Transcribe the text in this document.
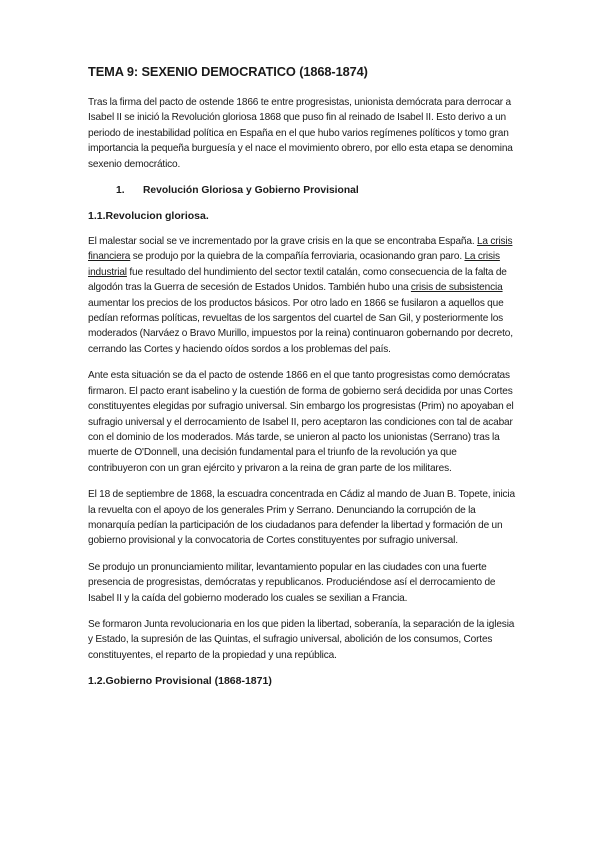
TEMA 9: SEXENIO DEMOCRATICO (1868-1874)

Tras la firma del pacto de ostende 1866 te entre progresistas, unionista demócrata para derrocar a Isabel II se inició la Revolución gloriosa 1868 que puso fin al reinado de Isabel II. Esto derivo a un periodo de inestabilidad política en España en el que hubo varios regímenes políticos y tomo gran importancia la pequeña burguesía y el nace el movimiento obrero, por ello esta etapa se denomina sexenio democrático.

1. Revolución Gloriosa y Gobierno Provisional
1.1.Revolucion gloriosa.

El malestar social se ve incrementado por la grave crisis en la que se encontraba España. La crisis financiera se produjo por la quiebra de la compañía ferroviaria, ocasionando gran paro. La crisis industrial fue resultado del hundimiento del sector textil catalán, como consecuencia de la falta de algodón tras la Guerra de secesión de Estados Unidos. También hubo una crisis de subsistencia aumentar los precios de los productos básicos. Por otro lado en 1866 se fusilaron a aquellos que pedían reformas políticas, revueltas de los sargentos del cuartel de San Gil, y posteriormente los moderados (Narváez o Bravo Murillo, impuestos por la reina) continuaron gobernando por decreto, cerrando las Cortes y haciendo oídos sordos a los problemas del país.

Ante esta situación se da el pacto de ostende 1866 en el que tanto progresistas como demócratas firmaron. El pacto erant isabelino y la cuestión de forma de gobierno será decidida por unas Cortes constituyentes elegidas por sufragio universal. Sin embargo los progresistas (Prim) no apoyaban el sufragio universal y el derrocamiento de Isabel II, pero aceptaron las condiciones con tal de acabar con el dominio de los moderados. Más tarde, se unieron al pacto los unionistas (Serrano) tras la muerte de O'Donnell, una decisión fundamental para el triunfo de la revolución ya que contribuyeron con un gran ejército y privaron a la reina de gran parte de los militares.

El 18 de septiembre de 1868, la escuadra concentrada en Cádiz al mando de Juan B. Topete, inicia la revuelta con el apoyo de los generales Prim y Serrano. Denunciando la corrupción de la monarquía pedían la participación de los ciudadanos para defender la libertad y formación de un gobierno provisional y la convocatoria de Cortes constituyentes por sufragio universal.

Se produjo un pronunciamiento militar, levantamiento popular en las ciudades con una fuerte presencia de progresistas, demócratas y republicanos. Produciéndose así el derrocamiento de Isabel II y la caída del gobierno moderado los cuales se sexilian a Francia.

Se formaron Junta revolucionaria en los que piden la libertad, soberanía, la separación de la iglesia y Estado, la supresión de las Quintas, el sufragio universal, abolición de los consumos, Cortes constituyentes, el reparto de la propiedad y una república.

1.2.Gobierno Provisional (1868-1871)
